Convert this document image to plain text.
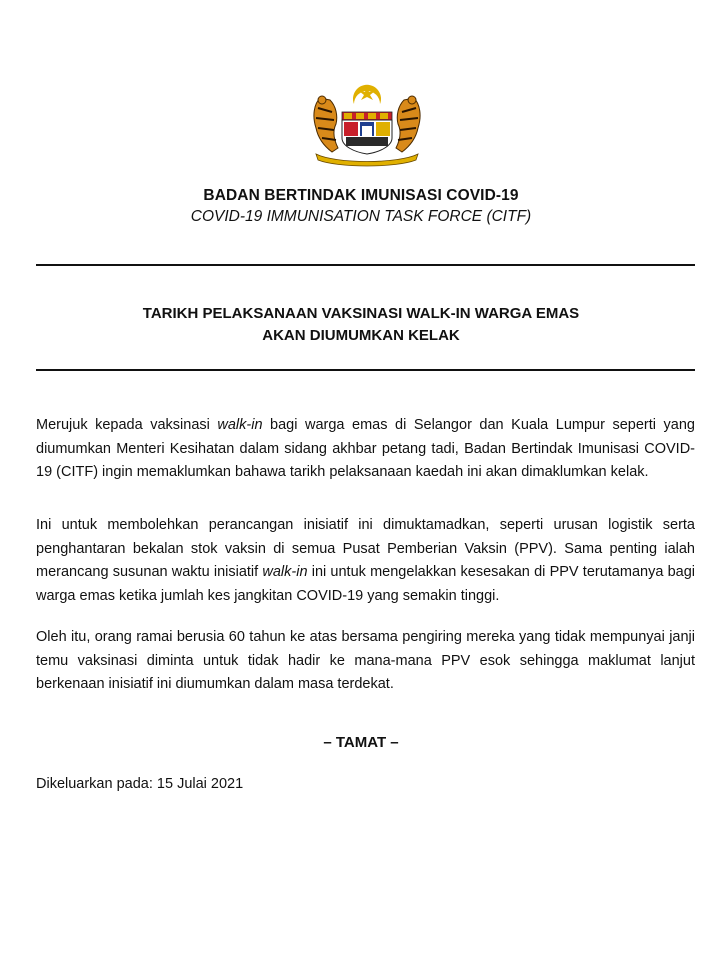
BADAN BERTINDAK IMUNISASI COVID-19
COVID-19 IMMUNISATION TASK FORCE (CITF)
TARIKH PELAKSANAAN VAKSINASI WALK-IN WARGA EMAS
AKAN DIUMUMKAN KELAK
Merujuk kepada vaksinasi walk-in bagi warga emas di Selangor dan Kuala Lumpur seperti yang diumumkan Menteri Kesihatan dalam sidang akhbar petang tadi, Badan Bertindak Imunisasi COVID-19 (CITF) ingin memaklumkan bahawa tarikh pelaksanaan kaedah ini akan dimaklumkan kelak.
Ini untuk membolehkan perancangan inisiatif ini dimuktamadkan, seperti urusan logistik serta penghantaran bekalan stok vaksin di semua Pusat Pemberian Vaksin (PPV). Sama penting ialah merancang susunan waktu inisiatif walk-in ini untuk mengelakkan kesesakan di PPV terutamanya bagi warga emas ketika jumlah kes jangkitan COVID-19 yang semakin tinggi.
Oleh itu, orang ramai berusia 60 tahun ke atas bersama pengiring mereka yang tidak mempunyai janji temu vaksinasi diminta untuk tidak hadir ke mana-mana PPV esok sehingga maklumat lanjut berkenaan inisiatif ini diumumkan dalam masa terdekat.
– TAMAT –
Dikeluarkan pada: 15 Julai 2021
